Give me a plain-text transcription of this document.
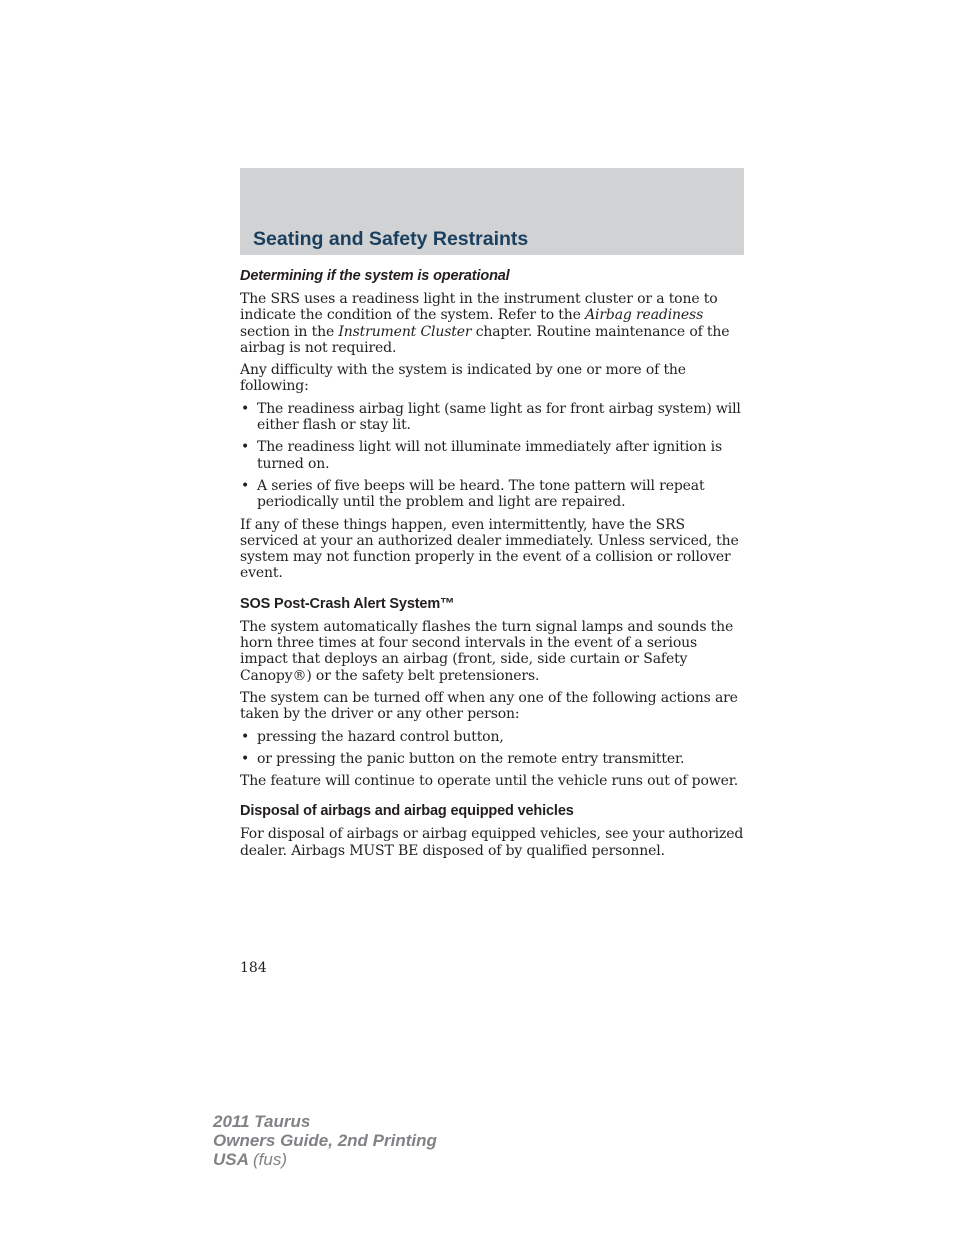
Seating and Safety Restraints
Determining if the system is operational

The SRS uses a readiness light in the instrument cluster or a tone to indicate the condition of the system. Refer to the Airbag readiness section in the Instrument Cluster chapter. Routine maintenance of the airbag is not required.

Any difficulty with the system is indicated by one or more of the following:

• The readiness airbag light (same light as for front airbag system) will either flash or stay lit.
• The readiness light will not illuminate immediately after ignition is turned on.
• A series of five beeps will be heard. The tone pattern will repeat periodically until the problem and light are repaired.

If any of these things happen, even intermittently, have the SRS serviced at your an authorized dealer immediately. Unless serviced, the system may not function properly in the event of a collision or rollover event.

SOS Post-Crash Alert System™

The system automatically flashes the turn signal lamps and sounds the horn three times at four second intervals in the event of a serious impact that deploys an airbag (front, side, side curtain or Safety Canopy®) or the safety belt pretensioners.

The system can be turned off when any one of the following actions are taken by the driver or any other person:

• pressing the hazard control button,
• or pressing the panic button on the remote entry transmitter.

The feature will continue to operate until the vehicle runs out of power.

Disposal of airbags and airbag equipped vehicles

For disposal of airbags or airbag equipped vehicles, see your authorized dealer. Airbags MUST BE disposed of by qualified personnel.

184
2011 Taurus
Owners Guide, 2nd Printing
USA (fus)
